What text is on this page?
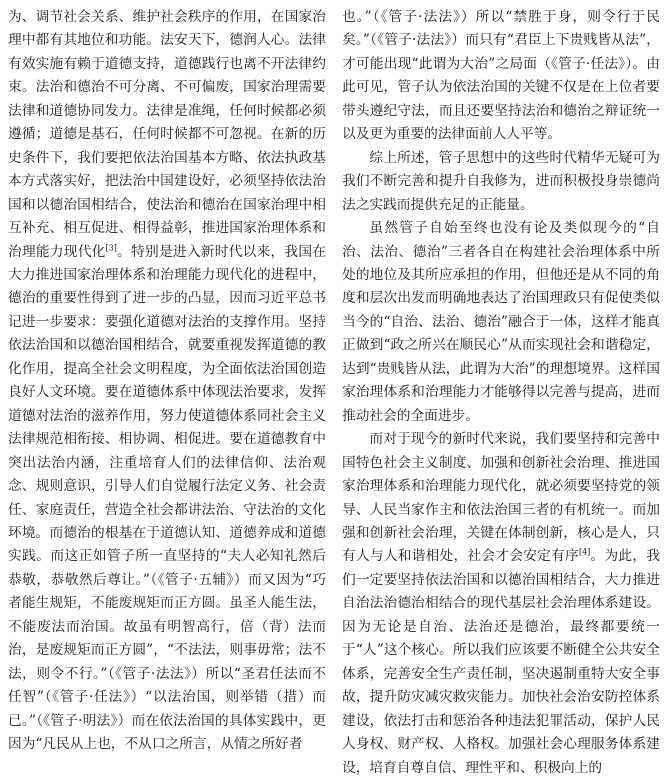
为、调节社会关系、维护社会秩序的作用，在国家治理中都有其地位和功能。法安天下，德润人心。法律有效实施有赖于道德支持，道德践行也离不开法律约束。法治和德治不可分离、不可偏废，国家治理需要法律和道德协同发力。法律是准绳，任何时候都必须遵循；道德是基石，任何时候都不可忽视。在新的历史条件下，我们要把依法治国基本方略、依法执政基本方式落实好，把法治中国建设好，必须坚持依法治国和以德治国相结合，使法治和德治在国家治理中相互补充、相互促进、相得益彰，推进国家治理体系和治理能力现代化[3]。特别是进入新时代以来，我国在大力推进国家治理体系和治理能力现代化的进程中，德治的重要性得到了进一步的凸显，因而习近平总书记进一步要求：要强化道德对法治的支撑作用。坚持依法治国和以德治国相结合，就要重视发挥道德的教化作用，提高全社会文明程度，为全面依法治国创造良好人文环境。要在道德体系中体现法治要求，发挥道德对法治的滋养作用，努力使道德体系同社会主义法律规范相衔接、相协调、相促进。要在道德教育中突出法治内涵，注重培育人们的法律信仰、法治观念、规则意识，引导人们自觉履行法定义务、社会责任、家庭责任，营造全社会都讲法治、守法治的文化环境。而德治的根基在于道德认知、道德养成和道德实践。而这正如管子所一直坚持的“夫人必知礼然后恭敬，恭敬然后尊让。”（《管子·五辅》）而又因为“巧者能生规矩，不能废规矩而正方圆。虽圣人能生法，不能废法而治国。故虽有明智高行，倍（背）法而治，是废规矩而正方圆”，“不法法，则事毋常；法不法，则令不行。”（《管子·法法》）所以“圣君任法而不任智”（《管子·任法》）“以法治国，则举错（措）而已。”（《管子·明法》）而在依法治国的具体实践中，更因为“凡民从上也，不从口之所言，从情之所好者

也。”（《管子·法法》）所以“禁胜于身，则令行于民矣。”（《管子·法法》）而只有“君臣上下贵贱皆从法”，才可能出现“此谓为大治”之局面（《管子·任法》）。由此可见，管子认为依法治国的关键不仅是在上位者要带头遵纪守法，而且还要坚持法治和德治之辩证统一以及更为重要的法律面前人人平等。

综上所述，管子思想中的这些时代精华无疑可为我们不断完善和提升自我修为，进而积极投身崇德尚法之实践而提供充足的正能量。

虽然管子自始至终也没有论及类似现今的“自治、法治、德治”三者各自在构建社会治理体系中所处的地位及其所应承担的作用，但他还是从不同的角度和层次出发而明确地表达了治国理政只有促使类似当今的“自治、法治、德治”融合于一体，这样才能真正做到“政之所兴在顺民心”从而实现社会和谐稳定，达到“贵贱皆从法，此谓为大治”的理想境界。这样国家治理体系和治理能力才能够得以完善与提高，进而推动社会的全面进步。

而对于现今的新时代来说，我们要坚持和完善中国特色社会主义制度、加强和创新社会治理、推进国家治理体系和治理能力现代化，就必须要坚持党的领导、人民当家作主和依法治国三者的有机统一。而加强和创新社会治理，关键在体制创新，核心是人，只有人与人和谐相处，社会才会安定有序[4]。为此，我们一定要坚持依法治国和以德治国相结合，大力推进自治法治德治相结合的现代基层社会治理体系建设。因为无论是自治、法治还是德治，最终都要统一于“人”这个核心。所以我们应该要不断健全公共安全体系，完善安全生产责任制，坚决遏制重特大安全事故，提升防灾减灾救灾能力。加快社会治安防控体系建设，依法打击和惩治各种违法犯罪活动，保护人民人身权、财产权、人格权。加强社会心理服务体系建设，培育自尊自信、理性平和、积极向上的
